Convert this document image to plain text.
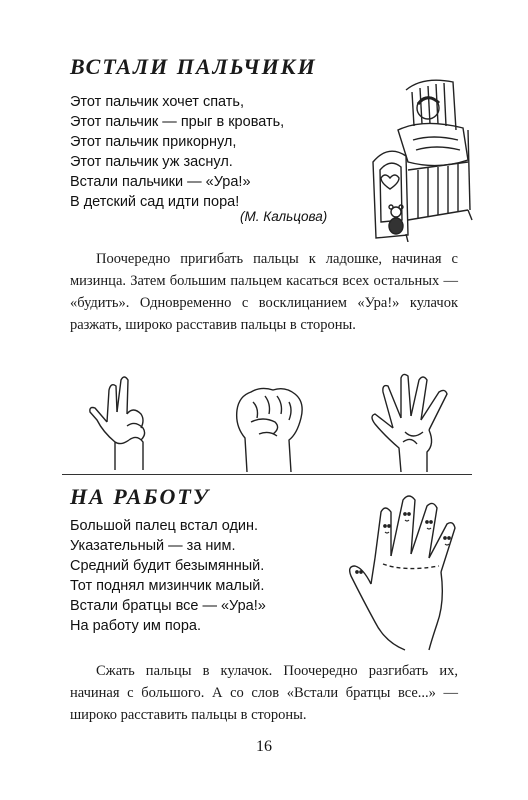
ВСТАЛИ ПАЛЬЧИКИ
Этот пальчик хочет спать,
Этот пальчик — прыг в кровать,
Этот пальчик прикорнул,
Этот пальчик уж заснул.
Встали пальчики — «Ура!»
В детский сад идти пора!
(М. Кальцова)
Поочередно пригибать пальцы к ладошке, начиная с мизинца. Затем большим пальцем касаться всех остальных — «будить». Одновременно с восклицанием «Ура!» кулачок разжать, широко расставив пальцы в стороны.
НА РАБОТУ
Большой палец встал один.
Указательный — за ним.
Средний будит безымянный.
Тот поднял мизинчик малый.
Встали братцы все — «Ура!»
На работу им пора.
Сжать пальцы в кулачок. Поочередно разгибать их, начиная с большого. А со слов «Встали братцы все...» — широко расставить пальцы в стороны.
16
